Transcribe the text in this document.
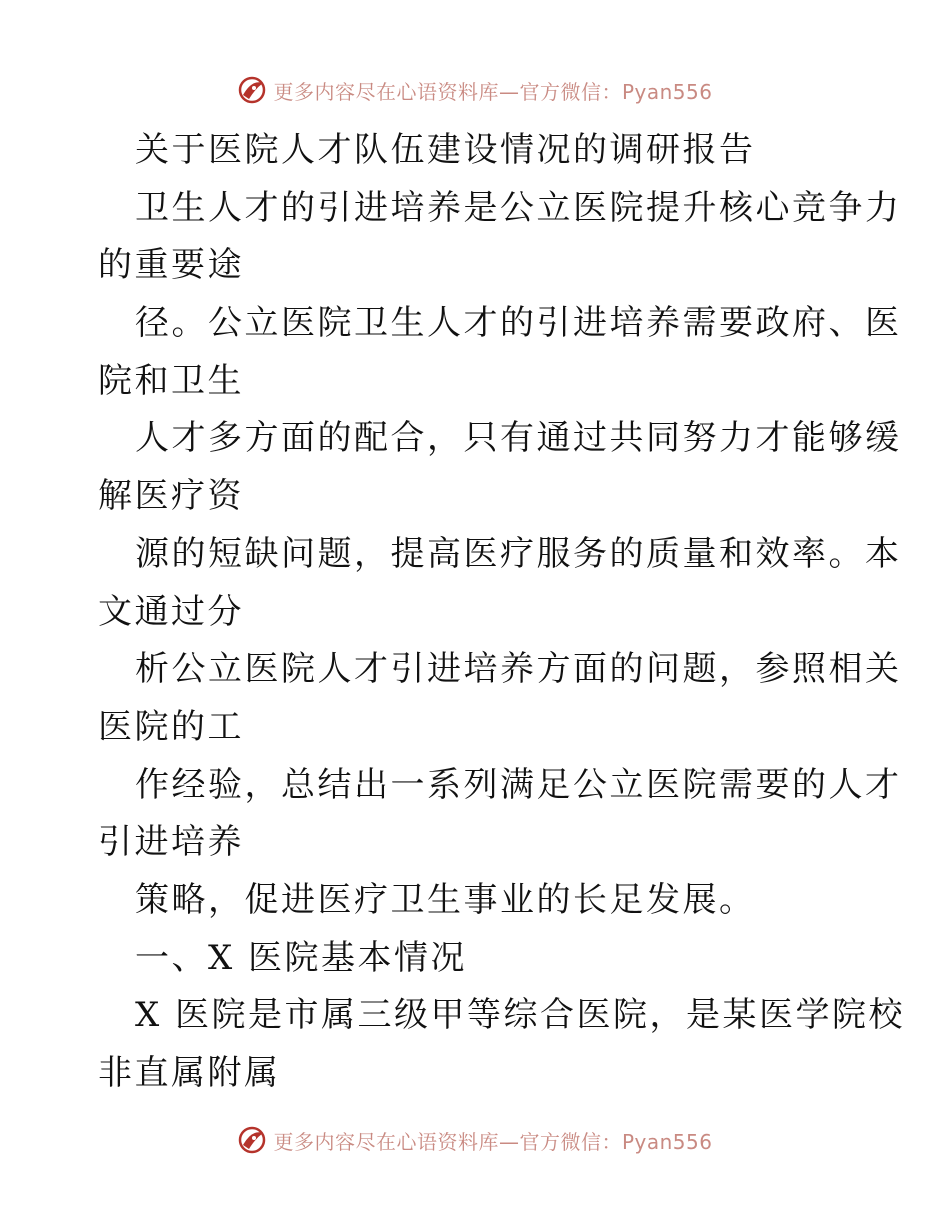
更多内容尽在心语资料库—官方微信：Pyan556
关于医院人才队伍建设情况的调研报告
卫生人才的引进培养是公立医院提升核心竞争力
的重要途
径。公立医院卫生人才的引进培养需要政府、医
院和卫生
人才多方面的配合，只有通过共同努力才能够缓
解医疗资
源的短缺问题，提高医疗服务的质量和效率。本
文通过分
析公立医院人才引进培养方面的问题，参照相关
医院的工
作经验，总结出一系列满足公立医院需要的人才
引进培养
策略，促进医疗卫生事业的长足发展。
一、X 医院基本情况
X 医院是市属三级甲等综合医院，是某医学院校
非直属附属
更多内容尽在心语资料库—官方微信：Pyan556
